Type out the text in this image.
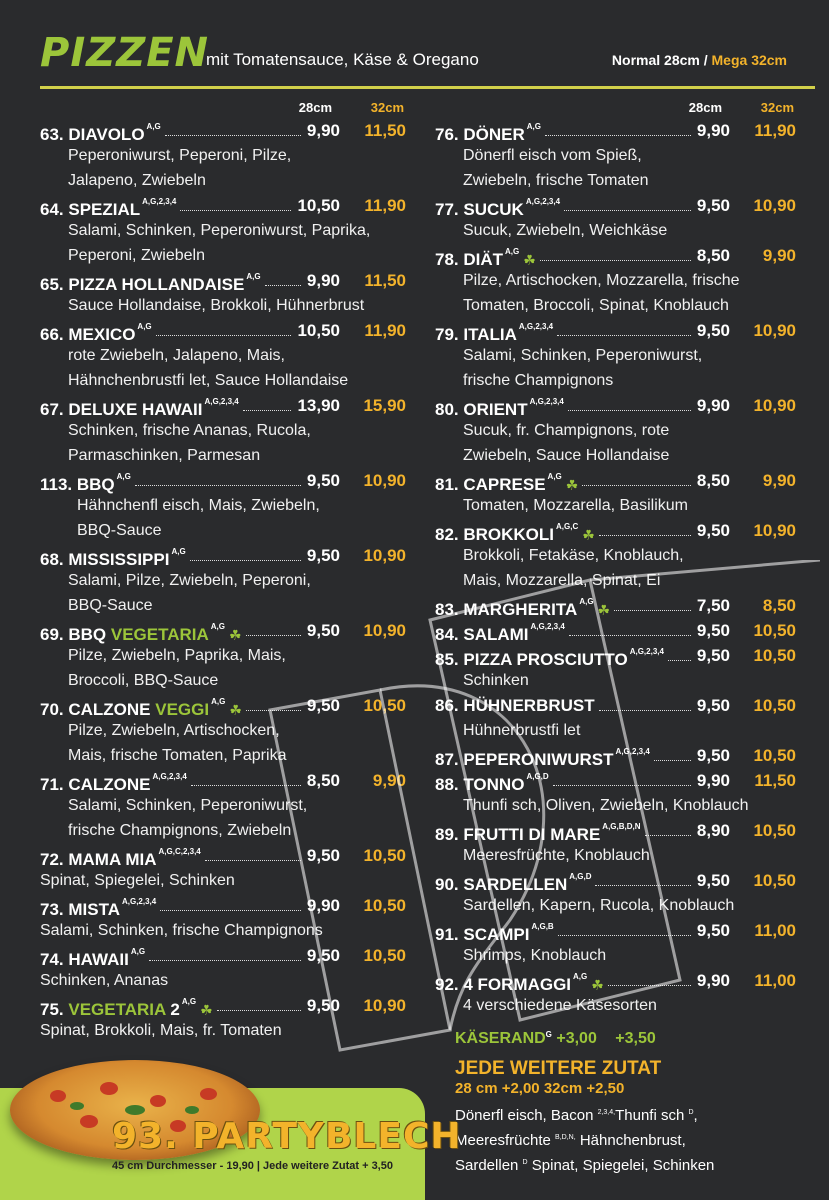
PIZZEN
mit Tomatensauce, Käse & Oregano	Normal 28cm / Mega 32cm
28cm	32cm
63. DIAVOLO $^{A,G}$	9,90 11,50
Peperoniwurst, Peperoni, Pilze,
Jalapeno, Zwiebeln
64. SPEZIAL $^{A,G,2,3,4}$	10,50 11,90
Salami, Schinken, Peperoniwurst, Paprika,
Peperoni, Zwiebeln
65. PIZZA HOLLANDAISE $^{A,G}$	9,90 11,50
Sauce Hollandaise, Brokkoli, Hühnerbrust
66. MEXICO $^{A,G}$	10,50 11,90
rote Zwiebeln, Jalapeno, Mais,
Hähnchenbrustfi let, Sauce Hollandaise
67. DELUXE HAWAII $^{A,G,2,3,4}$	13,90 15,90
Schinken, frische Ananas, Rucola,
Parmaschinken, Parmesan
113. BBQ $^{A,G}$	9,50 10,90
Hähnchenfl eisch, Mais, Zwiebeln,
BBQ-Sauce
68. MISSISSIPPI $^{A,G}$	9,50 10,90
Salami, Pilze, Zwiebeln, Peperoni,
BBQ-Sauce
69. BBQ VEGETARIA $^{A,G}$☘	9,50 10,90
Pilze, Zwiebeln, Paprika, Mais,
Broccoli, BBQ-Sauce
70. CALZONE VEGGI $^{A,G}$☘	9,50 10,50
Pilze, Zwiebeln, Artischocken,
Mais, frische Tomaten, Paprika
71. CALZONE $^{A,G,2,3,4}$	8,50 9,90
Salami, Schinken, Peperoniwurst,
frische Champignons, Zwiebeln
72. MAMA MIA $^{A,G,C,2,3,4}$	9,50 10,50
Spinat, Spiegelei, Schinken
73. MISTA $^{A,G,2,3,4}$	9,90 10,50
Salami, Schinken, frische Champignons
74. HAWAII $^{A,G}$	9,50 10,50
Schinken, Ananas
75. VEGETARIA 2 $^{A,G}$☘	9,50 10,90
Spinat, Brokkoli, Mais, fr. Tomaten
28cm	32cm
76. DÖNER $^{A,G}$	9,90 11,90
Dönerfl eisch vom Spieß,
Zwiebeln, frische Tomaten
77. SUCUK $^{A,G,2,3,4}$	9,50 10,90
Sucuk, Zwiebeln, Weichkäse
78. DIÄT $^{A,G}$☘	8,50 9,90
Pilze, Artischocken, Mozzarella, frische
Tomaten, Broccoli, Spinat, Knoblauch
79. ITALIA $^{A,G,2,3,4}$	9,50 10,90
Salami, Schinken, Peperoniwurst,
frische Champignons
80. ORIENT $^{A,G,2,3,4}$	9,90 10,90
Sucuk, fr. Champignons, rote
Zwiebeln, Sauce Hollandaise
81. CAPRESE $^{A,G}$☘	8,50 9,90
Tomaten, Mozzarella, Basilikum
82. BROKKOLI $^{A,G,C}$☘	9,50 10,90
Brokkoli, Fetakäse, Knoblauch,
Mais, Mozzarella, Spinat, Ei
83. MARGHERITA $^{A,G}$☘	7,50 8,50
84. SALAMI $^{A,G,2,3,4}$	9,50 10,50
85. PIZZA PROSCIUTTO $^{A,G,2,3,4}$ 9,50 10,50
Schinken
86. HÜHNERBRUST	9,50 10,50
Hühnerbrustfi let
87. PEPERONIWURST $^{A,G,2,3,4}$	9,50 10,50
88. TONNO $^{A,G,D}$	9,90 11,50
Thunfi sch, Oliven, Zwiebeln, Knoblauch
89. FRUTTI DI MARE $^{A,G,B,D,N}$	8,90 10,50
Meeresfrüchte, Knoblauch
90. SARDELLEN $^{A,G,D}$	9,50 10,50
Sardellen, Kapern, Rucola, Knoblauch
91. SCAMPI $^{A,G,B}$	9,50 11,00
Shrimps, Knoblauch
92. 4 FORMAGGI $^{A,G}$☘	9,90 11,00
4 verschiedene Käsesorten
$KÄSERAND^G +3,00 +3,50$
JEDE WEITERE ZUTAT
28 cm +2,00 32cm +2,50
Dönerfl eisch, Bacon $^{2,3,4,}$Thunfi sch $^D$,
Meeresfrüchte $^{B,D,N,}$ Hähnchenbrust,
Sardellen $^D$ Spinat, Spiegelei, Schinken
93. PARTYBLECH
45 cm Durchmesser - 19,90 | Jede weitere Zutat + 3,50
